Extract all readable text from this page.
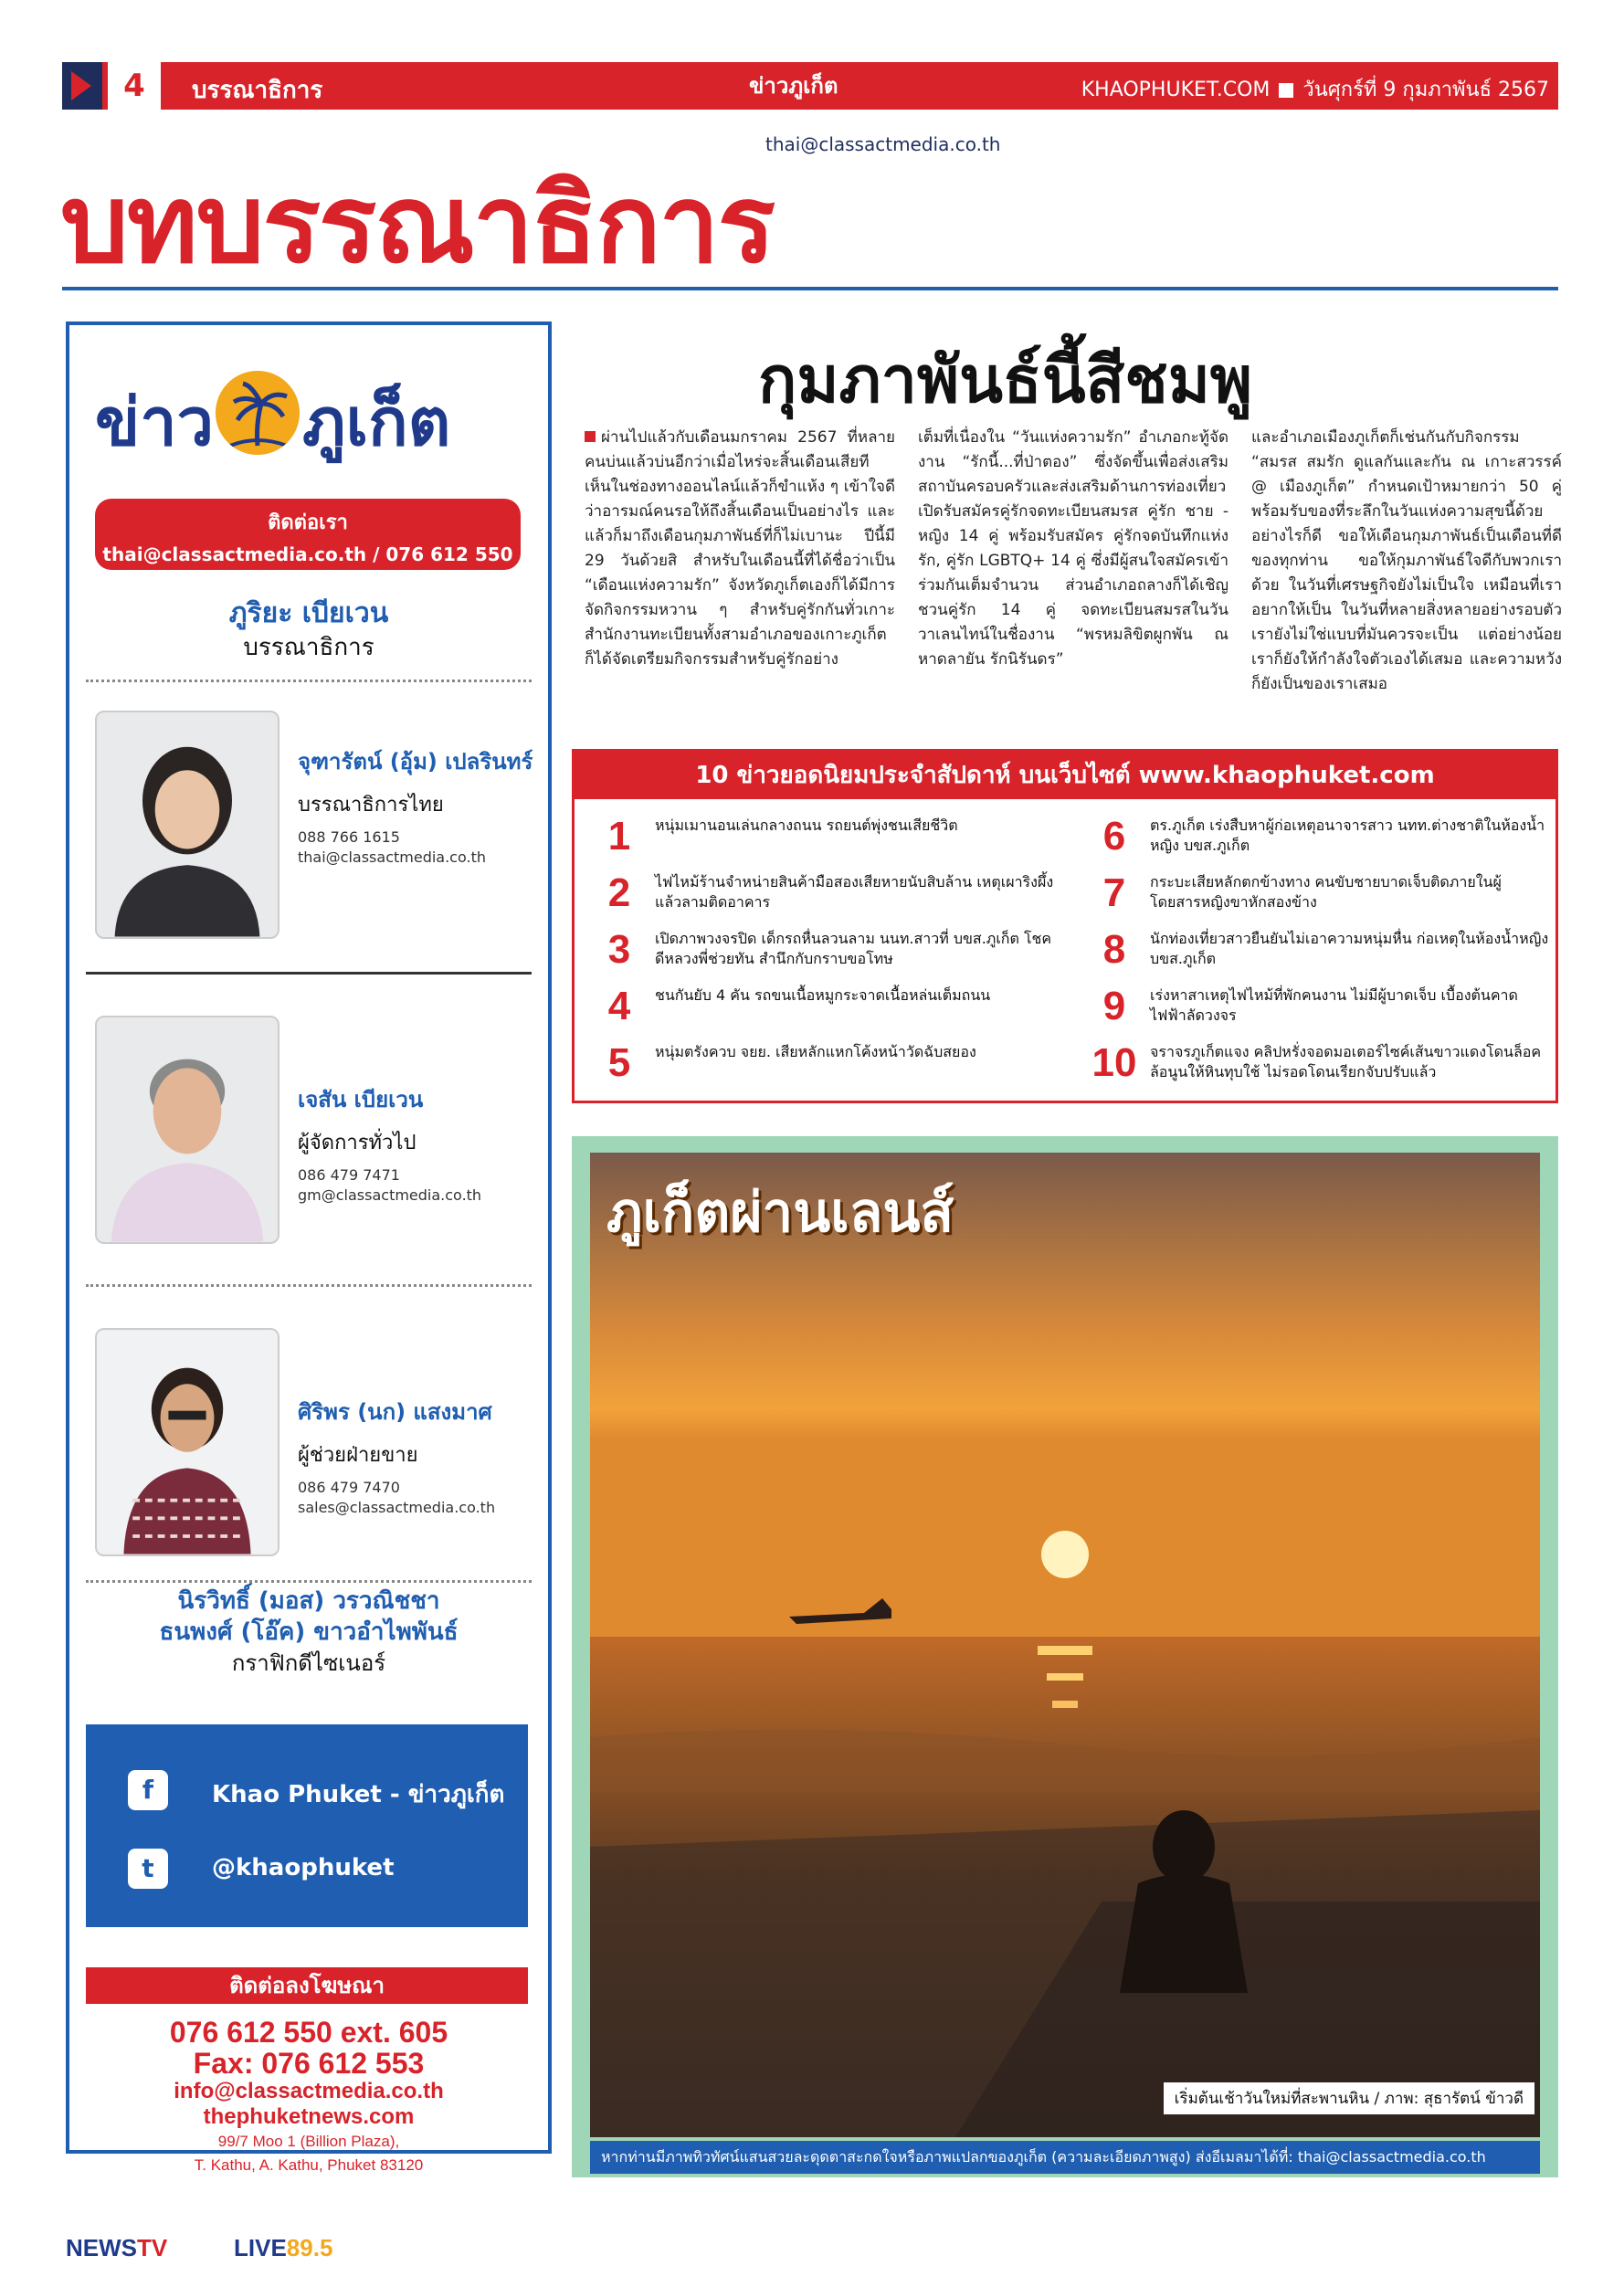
4	บรรณาธิการ	ข่าวภูเก็ต	KHAOPHUKET.COM วันศุกร์ที่ 9 กุมภาพันธ์ 2567
บทบรรณาธิการ
thai@classactmedia.co.th
ข่าว ภูเก็ต
ติดต่อเรา
thai@classactmedia.co.th / 076 612 550
ภูริยะ เบียเวน
บรรณาธิการ
จุฑารัตน์ (อุ้ม) เปลรินทร์
บรรณาธิการไทย
088 766 1615
thai@classactmedia.co.th
เจสัน เบียเวน
ผู้จัดการทั่วไป
086 479 7471
gm@classactmedia.co.th
ศิริพร (นก) แสงมาศ
ผู้ช่วยฝ่ายขาย
086 479 7470
sales@classactmedia.co.th
นิรวิทธิ์ (มอส) วรวณิชชา
ธนพงศ์ (โอ๊ค) ขาวอำไพพันธ์
กราฟิกดีไซเนอร์
f	Khao Phuket - ข่าวภูเก็ต
t	@khaophuket
ติดต่อลงโฆษณา
076 612 550 ext. 605
Fax: 076 612 553
info@classactmedia.co.th
thephuketnews.com
99/7 Moo 1 (Billion Plaza),
T. Kathu, A. Kathu, Phuket 83120
กุมภาพันธ์นี้สีชมพู
ผ่านไปแล้วกับเดือนมกราคม 2567 ที่หลายคนบ่นแล้วบ่นอีกว่าเมื่อไหร่จะสิ้นเดือนเสียที เห็นในช่องทางออนไลน์แล้วก็ขำแห้ง ๆ เข้าใจดีว่าอารมณ์คนรอให้ถึงสิ้นเดือนเป็นอย่างไร และแล้วก็มาถึงเดือนกุมภาพันธ์ที่ก็ไม่เบานะ ปีนี้มี 29 วันด้วยสิ สำหรับในเดือนนี้ที่ได้ชื่อว่าเป็น “เดือนแห่งความรัก” จังหวัดภูเก็ตเองก็ได้มีการจัดกิจกรรมหวาน ๆ สำหรับคู่รักกันทั่วเกาะ สำนักงานทะเบียนทั้งสามอำเภอของเกาะภูเก็ตก็ได้จัดเตรียมกิจกรรมสำหรับคู่รักอย่าง
เต็มที่เนื่องใน “วันแห่งความรัก” อำเภอกะทู้จัดงาน “รักนี้...ที่ป่าตอง” ซึ่งจัดขึ้นเพื่อส่งเสริมสถาบันครอบครัวและส่งเสริมด้านการท่องเที่ยว เปิดรับสมัครคู่รักจดทะเบียนสมรส คู่รัก ชาย - หญิง 14 คู่ พร้อมรับสมัคร คู่รักจดบันทึกแห่งรัก, คู่รัก LGBTQ+ 14 คู่ ซึ่งมีผู้สนใจสมัครเข้าร่วมกันเต็มจำนวน ส่วนอำเภอถลางก็ได้เชิญชวนคู่รัก 14 คู่ จดทะเบียนสมรสในวันวาเลนไทน์ในชื่องาน “พรหมลิขิตผูกพัน ณ หาดลายัน รักนิรันดร”
และอำเภอเมืองภูเก็ตก็เช่นกันกับกิจกรรม “สมรส สมรัก ดูแลกันและกัน ณ เกาะสวรรค์ @ เมืองภูเก็ต” กำหนดเป้าหมายกว่า 50 คู่ พร้อมรับของที่ระลึกในวันแห่งความสุขนี้ด้วย อย่างไรก็ดี ขอให้เดือนกุมภาพันธ์เป็นเดือนที่ดีของทุกท่าน ขอให้กุมภาพันธ์ใจดีกับพวกเราด้วย ในวันที่เศรษฐกิจยังไม่เป็นใจ เหมือนที่เราอยากให้เป็น ในวันที่หลายสิ่งหลายอย่างรอบตัวเรายังไม่ใช่แบบที่มันควรจะเป็น แต่อย่างน้อยเราก็ยังให้กำลังใจตัวเองได้เสมอ และความหวังก็ยังเป็นของเราเสมอ
10 ข่าวยอดนิยมประจำสัปดาห์ บนเว็บไซต์ www.khaophuket.com
1	หนุ่มเมานอนเล่นกลางถนน รถยนต์พุ่งชนเสียชีวิต
2	ไฟไหม้ร้านจำหน่ายสินค้ามือสองเสียหายนับสิบล้าน เหตุเผาริงผึ้งแล้วลามติดอาคาร
3	เปิดภาพวงจรปิด เด็กรถหื่นลวนลาม นนท.สาวที่ บขส.ภูเก็ต โชคดีหลวงพี่ช่วยทัน สำนึกกับกราบขอโทษ
4	ชนกันยับ 4 คัน รถขนเนื้อหมูกระจาดเนื้อหล่นเต็มถนน
5	หนุ่มตรังควบ จยย. เสียหลักแหกโค้งหน้าวัดฉับสยอง
6	ตร.ภูเก็ต เร่งสืบหาผู้ก่อเหตุอนาจารสาว นทท.ต่างชาติในห้องน้ำหญิง บขส.ภูเก็ต
7	กระบะเสียหลักตกข้างทาง คนขับชายบาดเจ็บติดภายในผู้โดยสารหญิงขาหักสองข้าง
8	นักท่องเที่ยวสาวยืนยันไม่เอาความหนุ่มหื่น ก่อเหตุในห้องน้ำหญิง บขส.ภูเก็ต
9	เร่งหาสาเหตุไฟไหม้ที่พักคนงาน ไม่มีผู้บาดเจ็บ เบื้องต้นคาดไฟฟ้าลัดวงจร
10 จราจรภูเก็ตแจง คลิปหรั่งจอดมอเตอร์ไซค์เส้นขาวแดงโดนล็อคล้อนูนให้หินทุบใช้ ไม่รอดโดนเรียกจับปรับแล้ว
ภูเก็ตผ่านเลนส์
เริ่มต้นเช้าวันใหม่ที่สะพานหิน / ภาพ: สุธารัตน์ ข้าวดี
หากท่านมีภาพทิวทัศน์แสนสวยละดุดตาสะกดใจหรือภาพแปลกของภูเก็ต (ความละเอียดภาพสูง) ส่งอีเมลมาได้ที่: thai@classactmedia.co.th
NEWSTV	LIVE89.5
